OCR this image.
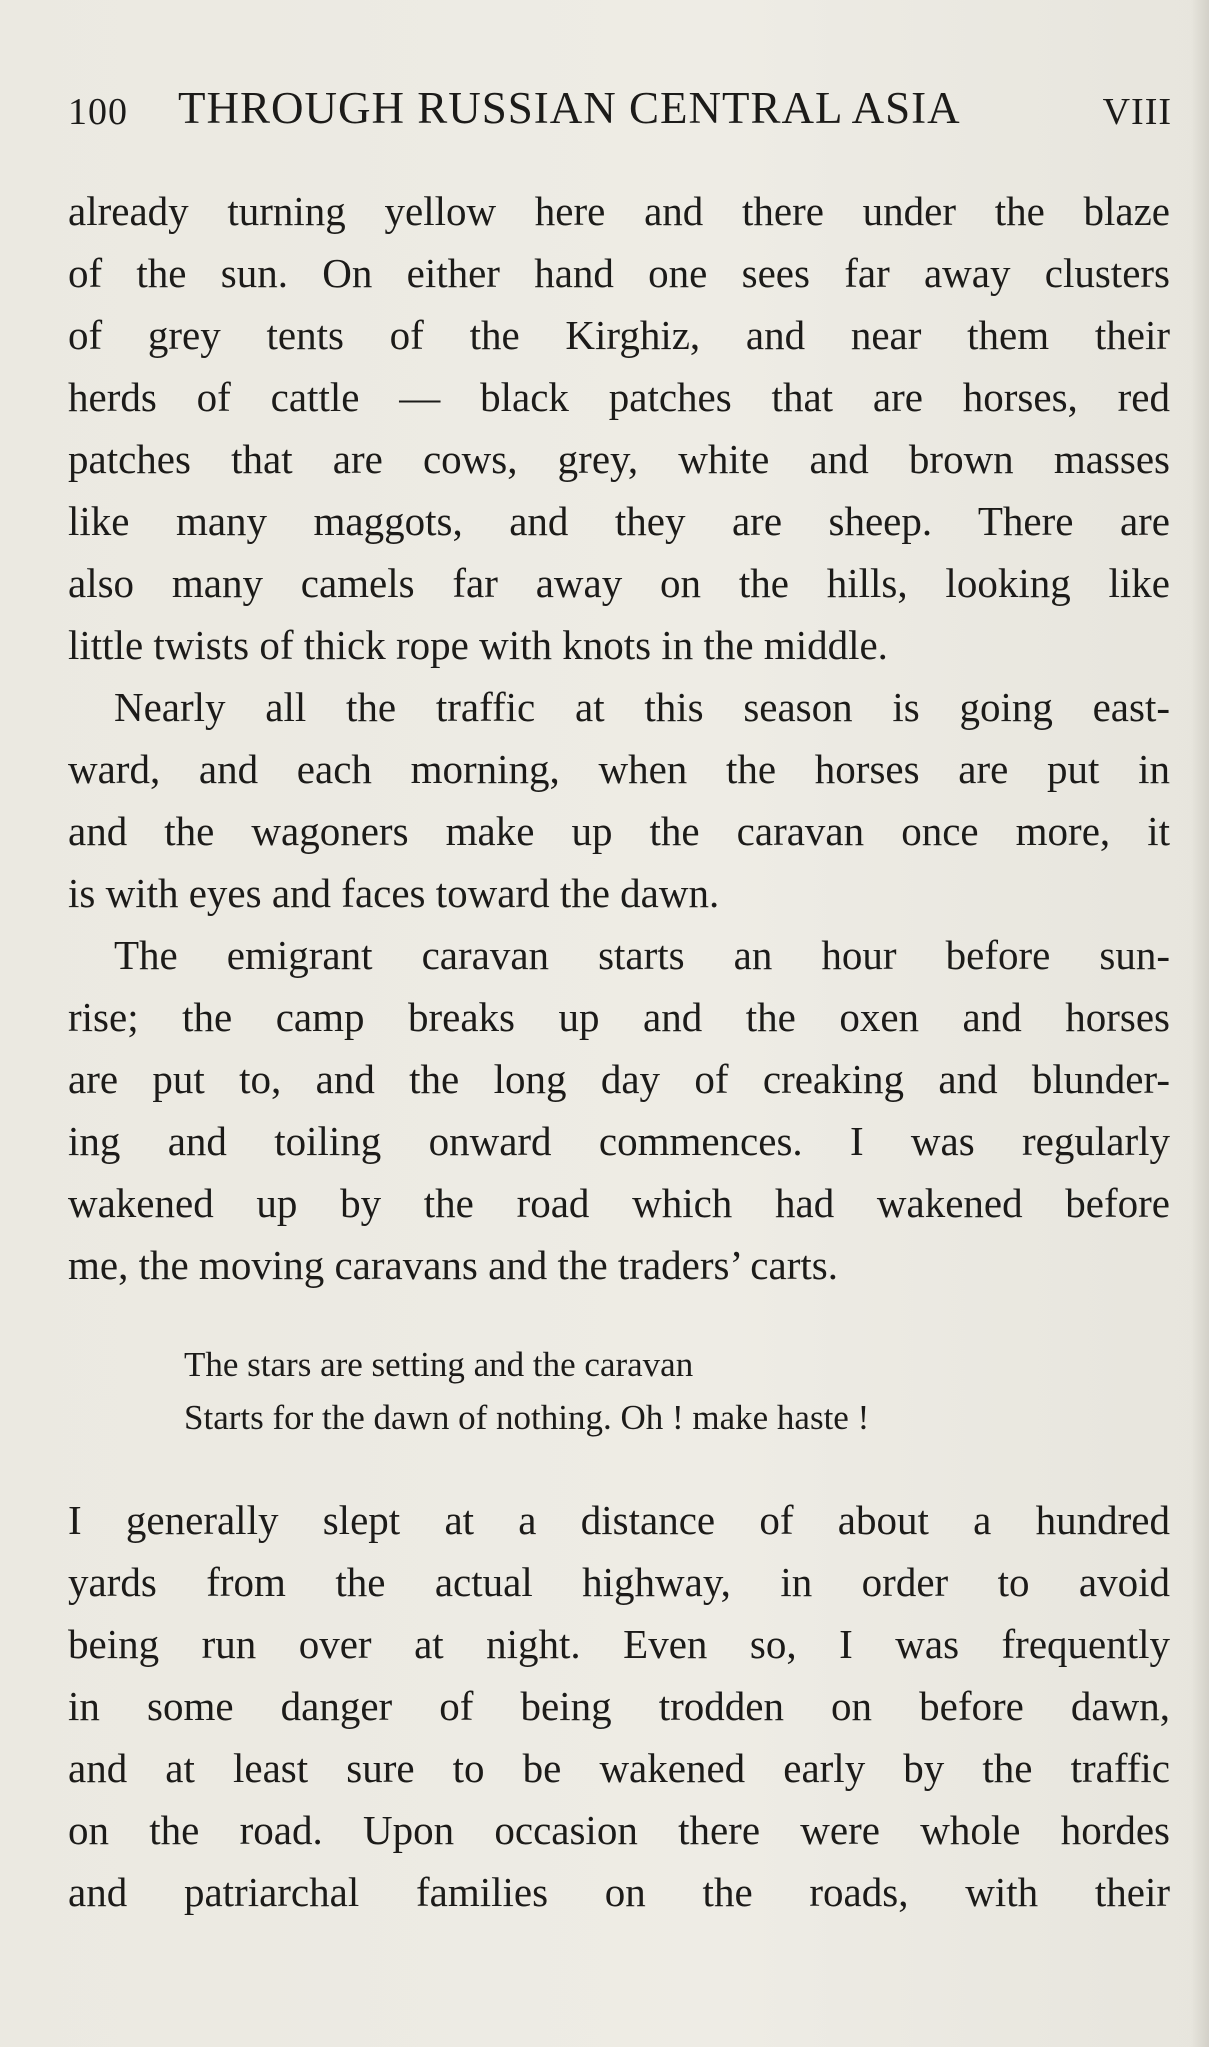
100 THROUGH RUSSIAN CENTRAL ASIA	VIII
already turning yellow here and there under the blaze
of the sun. On either hand one sees far away clusters
of grey tents of the Kirghiz, and near them their
herds of cattle — black patches that are horses, red
patches that are cows, grey, white and brown masses
like many maggots, and they are sheep. There are
also many camels far away on the hills, looking like
little twists of thick rope with knots in the middle.
Nearly all the traffic at this season is going east-
ward, and each morning, when the horses are put in
and the wagoners make up the caravan once more, it
is with eyes and faces toward the dawn.
The emigrant caravan starts an hour before sun-
rise; the camp breaks up and the oxen and horses
are put to, and the long day of creaking and blunder-
ing and toiling onward commences. I was regularly
wakened up by the road which had wakened before
me, the moving caravans and the traders’ carts.
The stars are setting and the caravan
Starts for the dawn of nothing. Oh ! make haste !
I generally slept at a distance of about a hundred
yards from the actual highway, in order to avoid
being run over at night. Even so, I was frequently
in some danger of being trodden on before dawn,
and at least sure to be wakened early by the traffic
on the road. Upon occasion there were whole hordes
and patriarchal families on the roads, with their
